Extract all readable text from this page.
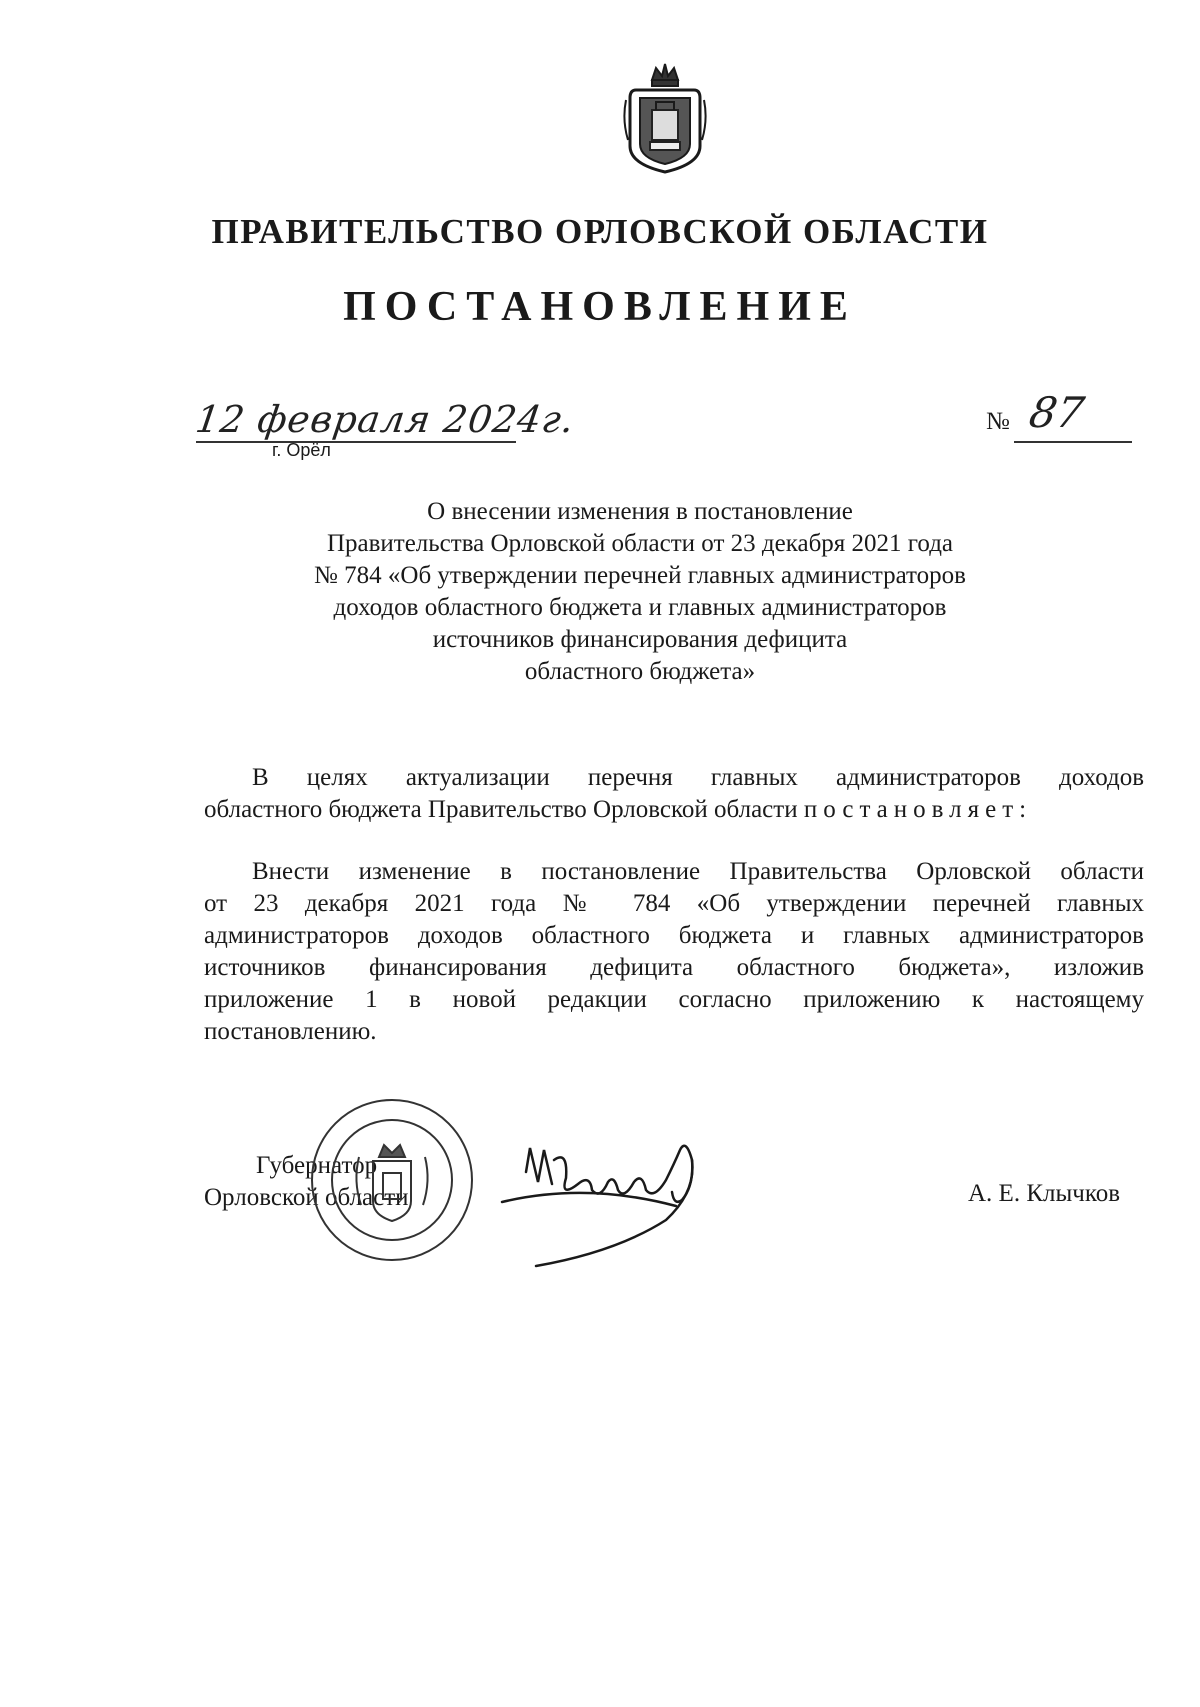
ПРАВИТЕЛЬСТВО ОРЛОВСКОЙ ОБЛАСТИ
ПОСТАНОВЛЕНИЕ
12 февраля 2024г.
г. Орёл
№ 87
О внесении изменения в постановление
Правительства Орловской области от 23 декабря 2021 года
№ 784 «Об утверждении перечней главных администраторов
доходов областного бюджета и главных администраторов
источников финансирования дефицита
областного бюджета»
В целях актуализации перечня главных администраторов доходов
областного бюджета Правительство Орловской области постановляет:
Внести изменение в постановление Правительства Орловской области
от 23 декабря 2021 года № 784 «Об утверждении перечней главных
администраторов доходов областного бюджета и главных администраторов
источников финансирования дефицита областного бюджета», изложив
приложение 1 в новой редакции согласно приложению к настоящему
постановлению.
Губернатор
Орловской области	А. Е. Клычков
